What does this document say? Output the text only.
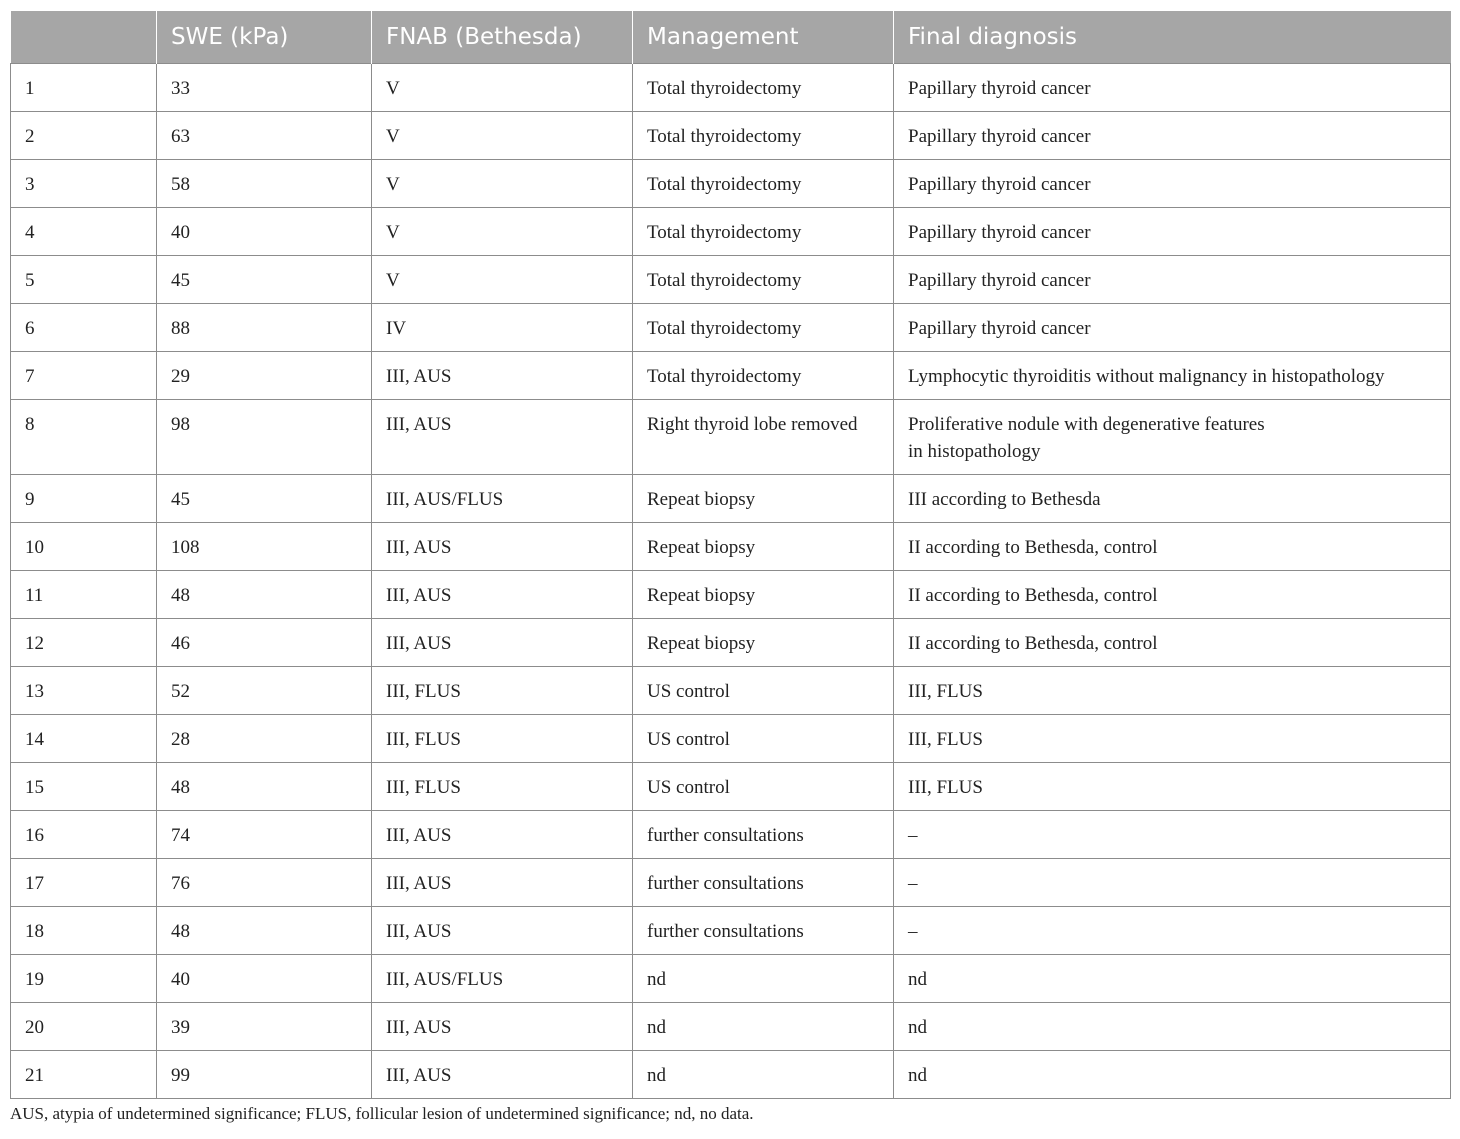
	SWE (kPa)	FNAB (Bethesda)	Management	Final diagnosis
1	33	V	Total thyroidectomy	Papillary thyroid cancer
2	63	V	Total thyroidectomy	Papillary thyroid cancer
3	58	V	Total thyroidectomy	Papillary thyroid cancer
4	40	V	Total thyroidectomy	Papillary thyroid cancer
5	45	V	Total thyroidectomy	Papillary thyroid cancer
6	88	IV	Total thyroidectomy	Papillary thyroid cancer
7	29	III, AUS	Total thyroidectomy	Lymphocytic thyroiditis without malignancy in histopathology
8	98	III, AUS	Right thyroid lobe removed	Proliferative nodule with degenerative features
in histopathology
9	45	III, AUS/FLUS	Repeat biopsy	III according to Bethesda
10	108	III, AUS	Repeat biopsy	II according to Bethesda, control
11	48	III, AUS	Repeat biopsy	II according to Bethesda, control
12	46	III, AUS	Repeat biopsy	II according to Bethesda, control
13	52	III, FLUS	US control	III, FLUS
14	28	III, FLUS	US control	III, FLUS
15	48	III, FLUS	US control	III, FLUS
16	74	III, AUS	further consultations	–
17	76	III, AUS	further consultations	–
18	48	III, AUS	further consultations	–
19	40	III, AUS/FLUS	nd	nd
20	39	III, AUS	nd	nd
21	99	III, AUS	nd	nd
AUS, atypia of undetermined significance; FLUS, follicular lesion of undetermined significance; nd, no data.
